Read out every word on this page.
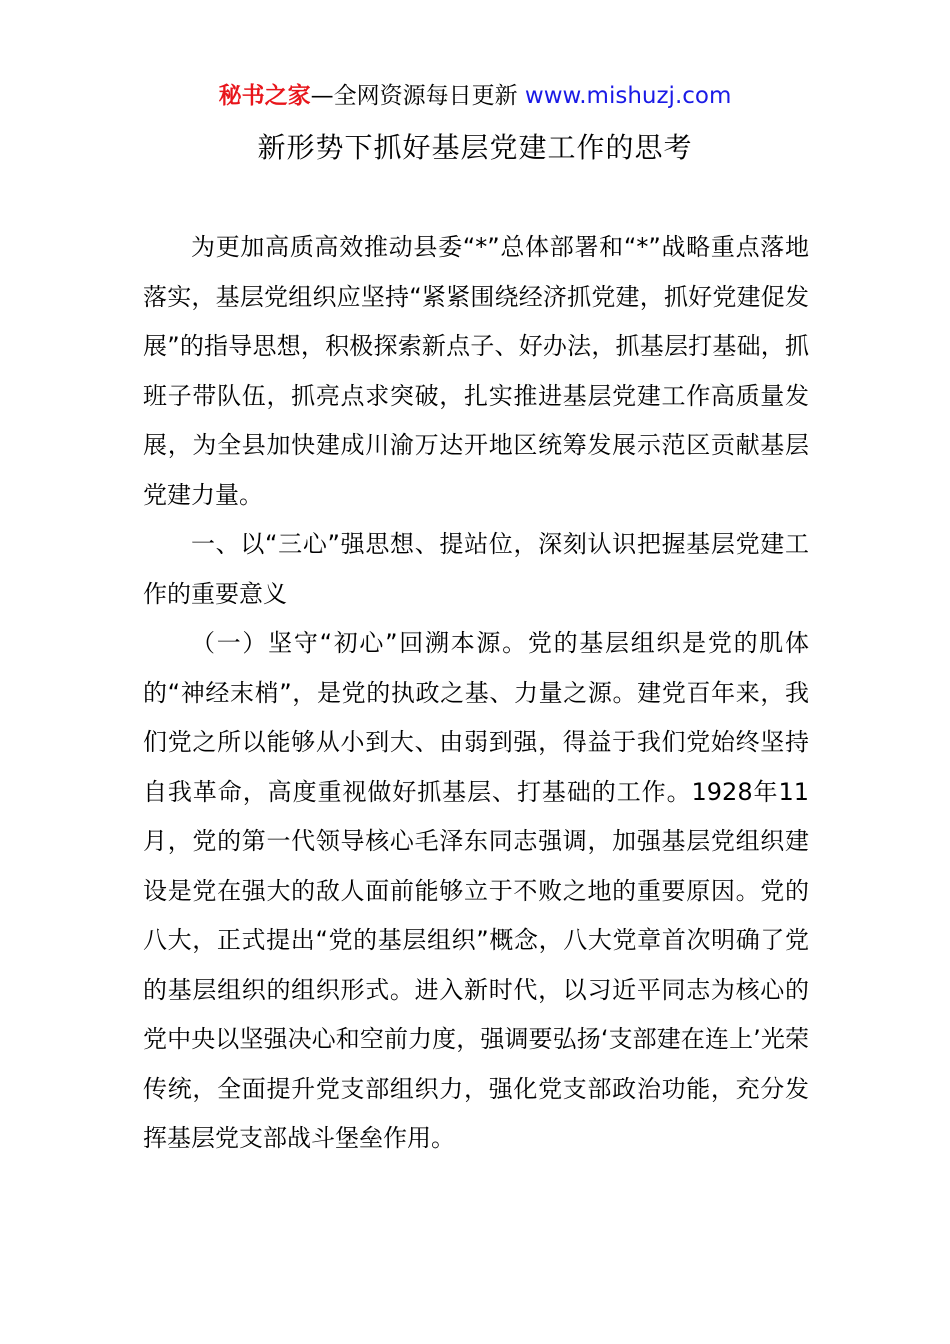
秘书之家—全网资源每日更新 www.mishuzj.com
新形势下抓好基层党建工作的思考

为更加高质高效推动县委“*”总体部署和“*”战略重点落地落实，基层党组织应坚持“紧紧围绕经济抓党建，抓好党建促发展”的指导思想，积极探索新点子、好办法，抓基层打基础，抓班子带队伍，抓亮点求突破，扎实推进基层党建工作高质量发展，为全县加快建成川渝万达开地区统筹发展示范区贡献基层党建力量。

一、以“三心”强思想、提站位，深刻认识把握基层党建工作的重要意义

（一）坚守“初心”回溯本源。党的基层组织是党的肌体的“神经末梢”，是党的执政之基、力量之源。建党百年来，我们党之所以能够从小到大、由弱到强，得益于我们党始终坚持自我革命，高度重视做好抓基层、打基础的工作。1928年11月，党的第一代领导核心毛泽东同志强调，加强基层党组织建设是党在强大的敌人面前能够立于不败之地的重要原因。党的八大，正式提出“党的基层组织”概念，八大党章首次明确了党的基层组织的组织形式。进入新时代，以习近平同志为核心的党中央以坚强决心和空前力度，强调要弘扬‘支部建在连上’光荣传统，全面提升党支部组织力，强化党支部政治功能，充分发挥基层党支部战斗堡垒作用。
